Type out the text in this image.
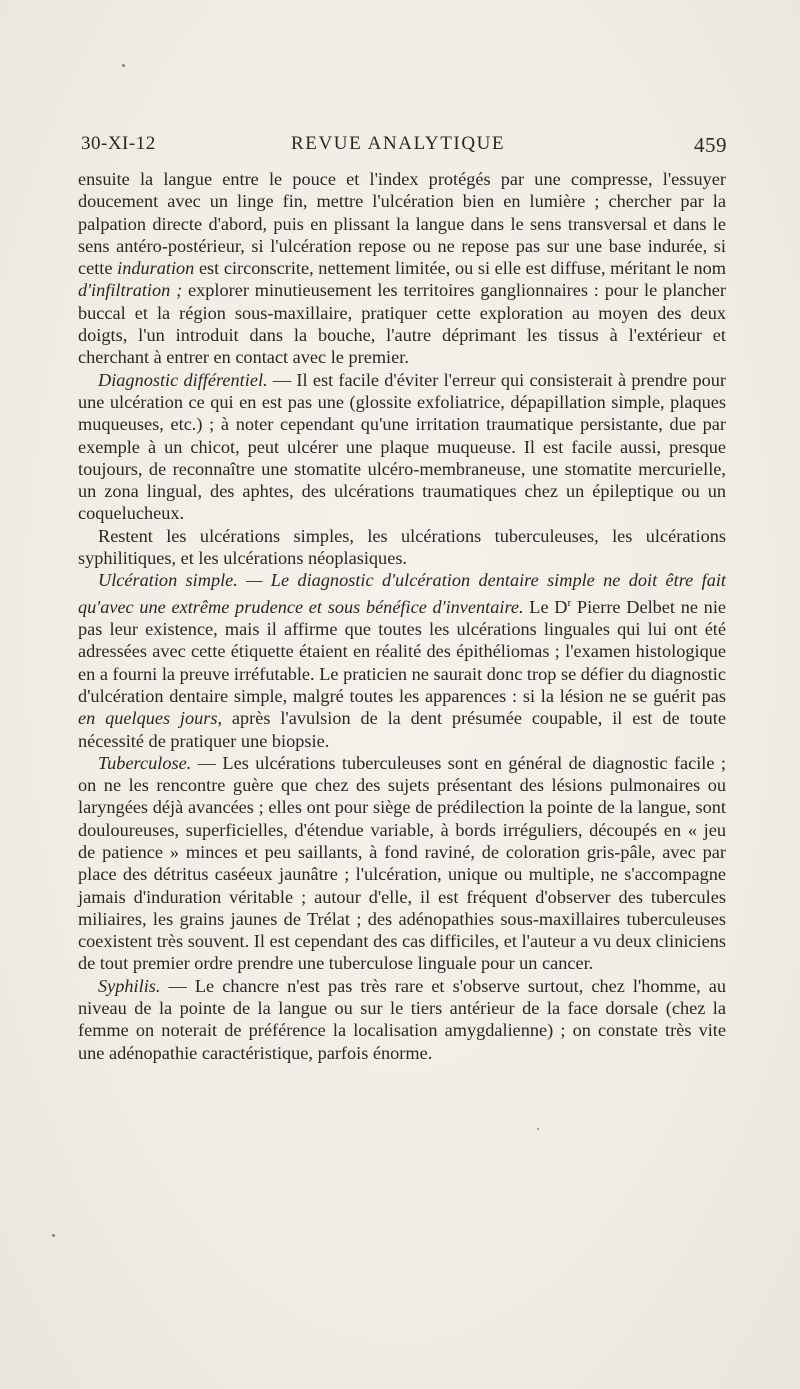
30-XI-12	REVUE ANALYTIQUE	459

ensuite la langue entre le pouce et l'index protégés par une compresse, l'essuyer doucement avec un linge fin, mettre l'ulcération bien en lumière ; chercher par la palpation directe d'abord, puis en plissant la langue dans le sens transversal et dans le sens antéro-postérieur, si l'ulcération repose ou ne repose pas sur une base indurée, si cette induration est circonscrite, nettement limitée, ou si elle est diffuse, méritant le nom d'infiltration ; explorer minutieusement les territoires ganglionnaires : pour le plancher buccal et la région sous-maxillaire, pratiquer cette exploration au moyen des deux doigts, l'un introduit dans la bouche, l'autre déprimant les tissus à l'extérieur et cherchant à entrer en contact avec le premier.

Diagnostic différentiel. — Il est facile d'éviter l'erreur qui consisterait à prendre pour une ulcération ce qui en est pas une (glossite exfoliatrice, dépapillation simple, plaques muqueuses, etc.) ; à noter cependant qu'une irritation traumatique persistante, due par exemple à un chicot, peut ulcérer une plaque muqueuse. Il est facile aussi, presque toujours, de reconnaître une stomatite ulcéro-membraneuse, une stomatite mercurielle, un zona lingual, des aphtes, des ulcérations traumatiques chez un épileptique ou un coquelucheux.

Restent les ulcérations simples, les ulcérations tuberculeuses, les ulcérations syphilitiques, et les ulcérations néoplasiques.

Ulcération simple. — Le diagnostic d'ulcération dentaire simple ne doit être fait qu'avec une extrême prudence et sous bénéfice d'inventaire. Le $D^r$ Pierre Delbet ne nie pas leur existence, mais il affirme que toutes les ulcérations linguales qui lui ont été adressées avec cette étiquette étaient en réalité des épithéliomas ; l'examen histologique en a fourni la preuve irréfutable. Le praticien ne saurait donc trop se défier du diagnostic d'ulcération dentaire simple, malgré toutes les apparences : si la lésion ne se guérit pas en quelques jours, après l'avulsion de la dent présumée coupable, il est de toute nécessité de pratiquer une biopsie.

Tuberculose. — Les ulcérations tuberculeuses sont en général de diagnostic facile ; on ne les rencontre guère que chez des sujets présentant des lésions pulmonaires ou laryngées déjà avancées ; elles ont pour siège de prédilection la pointe de la langue, sont douloureuses, superficielles, d'étendue variable, à bords irréguliers, découpés en « jeu de patience » minces et peu saillants, à fond raviné, de coloration gris-pâle, avec par place des détritus caséeux jaunâtre ; l'ulcération, unique ou multiple, ne s'accompagne jamais d'induration véritable ; autour d'elle, il est fréquent d'observer des tubercules miliaires, les grains jaunes de Trélat ; des adénopathies sous-maxillaires tuberculeuses coexistent très souvent. Il est cependant des cas difficiles, et l'auteur a vu deux cliniciens de tout premier ordre prendre une tuberculose linguale pour un cancer.

Syphilis. — Le chancre n'est pas très rare et s'observe surtout, chez l'homme, au niveau de la pointe de la langue ou sur le tiers antérieur de la face dorsale (chez la femme on noterait de préférence la localisation amygdalienne) ; on constate très vite une adénopathie caractéristique, parfois énorme.
